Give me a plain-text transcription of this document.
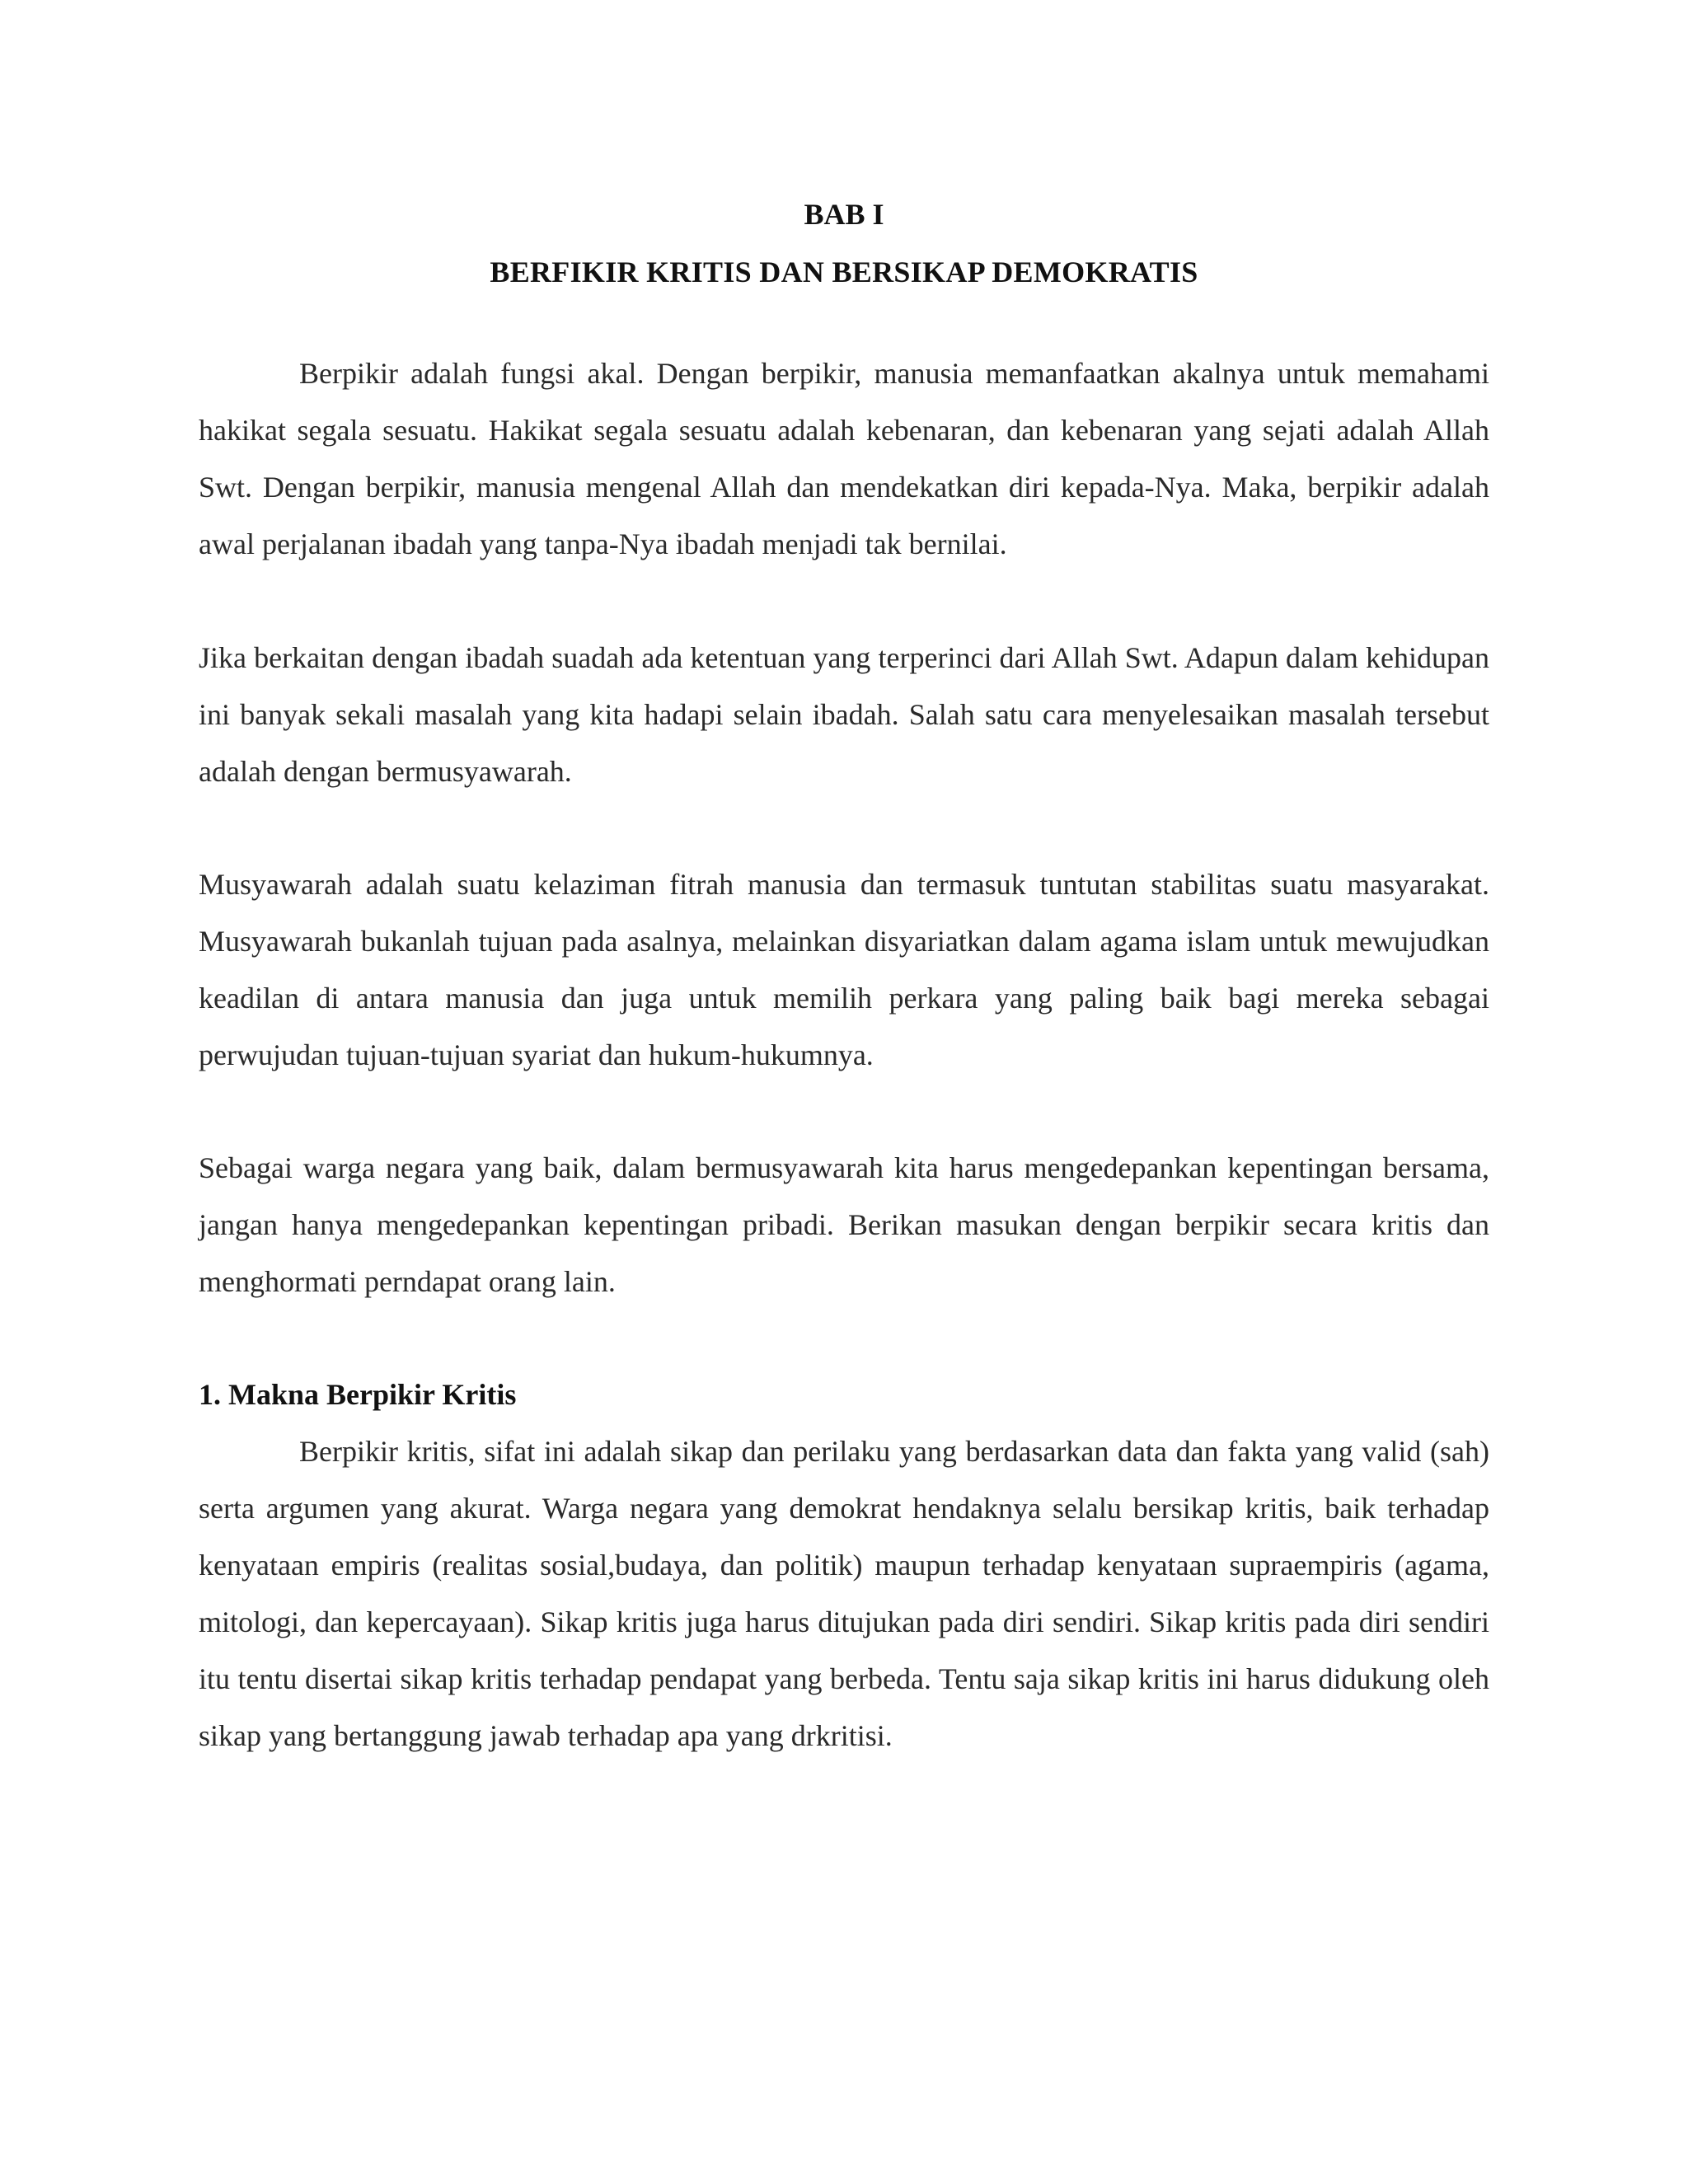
BAB I
BERFIKIR KRITIS DAN BERSIKAP DEMOKRATIS

Berpikir adalah fungsi akal. Dengan berpikir, manusia memanfaatkan akalnya untuk memahami hakikat segala sesuatu. Hakikat segala sesuatu adalah kebenaran, dan kebenaran yang sejati adalah Allah Swt. Dengan berpikir, manusia mengenal Allah dan mendekatkan diri kepada-Nya. Maka, berpikir adalah awal perjalanan ibadah yang tanpa-Nya ibadah menjadi tak bernilai.

Jika berkaitan dengan ibadah suadah ada ketentuan yang terperinci dari Allah Swt. Adapun dalam kehidupan ini banyak sekali masalah yang kita hadapi selain ibadah. Salah satu cara menyelesaikan masalah tersebut adalah dengan bermusyawarah.

Musyawarah adalah suatu kelaziman fitrah manusia dan termasuk tuntutan stabilitas suatu masyarakat. Musyawarah bukanlah tujuan pada asalnya, melainkan disyariatkan dalam agama islam untuk mewujudkan keadilan di antara manusia dan juga untuk memilih perkara yang paling baik bagi mereka sebagai perwujudan tujuan-tujuan syariat dan hukum-hukumnya.

Sebagai warga negara yang baik, dalam bermusyawarah kita harus mengedepankan kepentingan bersama, jangan hanya mengedepankan kepentingan pribadi. Berikan masukan dengan berpikir secara kritis dan menghormati perndapat orang lain.

1. Makna Berpikir Kritis

Berpikir kritis, sifat ini adalah sikap dan perilaku yang berdasarkan data dan fakta yang valid (sah) serta argumen yang akurat. Warga negara yang demokrat hendaknya selalu bersikap kritis, baik terhadap kenyataan empiris (realitas sosial,budaya, dan politik) maupun terhadap kenyataan supraempiris (agama, mitologi, dan kepercayaan). Sikap kritis juga harus ditujukan pada diri sendiri. Sikap kritis pada diri sendiri itu tentu disertai sikap kritis terhadap pendapat yang berbeda. Tentu saja sikap kritis ini harus didukung oleh sikap yang bertanggung jawab terhadap apa yang drkritisi.
